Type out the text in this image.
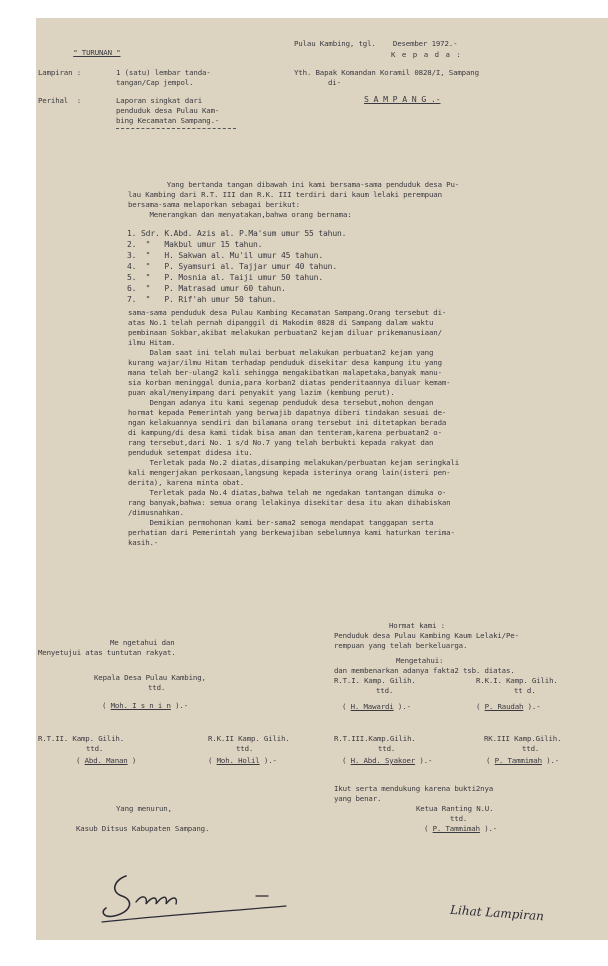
" TURUNAN "

Pulau Kambing, tgl.    Desember 1972.-
K e p a d a :
Lampiran :	1 (satu) lembar tanda-
tangan/Cap jempol.
Yth. Bapak Komandan Koramil 0828/I, Sampang
di-
S A M P A N G .-
Perihal  :	Laporan singkat dari
penduduk desa Pulau Kam-
bing Kecamatan Sampang.-
Yang bertanda tangan dibawah ini kami bersama-sama penduduk desa Pu-
lau Kambing dari R.T. III dan R.K. III terdiri dari kaum lelaki perempuan
bersama-sama melaporkan sebagai berikut:
Menerangkan dan menyatakan,bahwa orang bernama:
1. Sdr. K.Abd. Azis al. P.Ma'sum umur 55 tahun.
2.  "   Makbul umur 15 tahun.
3.  "   H. Sakwan al. Mu'il umur 45 tahun.
4.  "   P. Syamsuri al. Tajjar umur 40 tahun.
5.  "   P. Mosnia al. Taiji umur 50 tahun.
6.  "   P. Matrasad umur 60 tahun.
7.  "   P. Rif'ah umur 50 tahun.
sama-sama penduduk desa Pulau Kambing Kecamatan Sampang.Orang tersebut di-
atas No.1 telah pernah dipanggil di Makodim 0828 di Sampang dalam waktu
pembinaan Sokbar,akibat melakukan perbuatan2 kejam diluar prikemanusiaan/
ilmu Hitam.
Dalam saat ini telah mulai berbuat melakukan perbuatan2 kejam yang
kurang wajar/ilmu Hitam terhadap penduduk disekitar desa kampung itu yang
mana telah ber-ulang2 kali sehingga mengakibatkan malapetaka,banyak manu-
sia korban meninggal dunia,para korban2 diatas penderitaannya diluar kemam-
puan akal/menyimpang dari penyakit yang lazim (kembung perut).
Dengan adanya itu kami segenap penduduk desa tersebut,mohon dengan
hormat kepada Pemerintah yang berwajib dapatnya diberi tindakan sesuai de-
ngan kelakuannya sendiri dan bilamana orang tersebut ini ditetapkan berada
di kampung/di desa kami tidak bisa aman dan tenteram,karena perbuatan2 o-
rang tersebut,dari No. 1 s/d No.7 yang telah berbukti kepada rakyat dan
penduduk setempat didesa itu.
Terletak pada No.2 diatas,disamping melakukan/perbuatan kejam seringkali
kali mengerjakan perkosaan,langsung kepada isterinya orang lain(isteri pen-
derita), karena minta obat.
Terletak pada No.4 diatas,bahwa telah me ngedakan tantangan dimuka o-
rang banyak,bahwa: semua orang lelakinya disekitar desa itu akan dihabiskan
/dimusnahkan.
Demikian permohonan kami ber-sama2 semoga mendapat tanggapan serta
perhatian dari Pemerintah yang berkewajiban sebelumnya kami haturkan terima-
kasih.-
Me ngetahui dan
Menyetujui atas tuntutan rakyat.
Kepala Desa Pulau Kambing,
ttd.
( Moh. I s n i n ).-
R.T.II. Kamp. Gilih.
ttd.
( Abd. Manan )
R.K.II Kamp. Gilih.
ttd.
( Moh. Holil ).-
Yang menurun,
Kasub Ditsus Kabupaten Sampang.
Hormat kami :
Penduduk desa Pulau Kambing Kaum Lelaki/Pe-
rempuan yang telah berkeluarga.
Mengetahui:
dan membenarkan adanya fakta2 tsb. diatas.
R.T.I. Kamp. Gilih.	R.K.I. Kamp. Gilih.
ttd.	tt d.
( H. Mawardi ).-	( P. Raudah ).-
R.T.III.Kamp.Gilih.	RK.III Kamp.Gilih.
ttd.	ttd.
( H. Abd. Syakoer ).-	( P. Tammimah ).-
Ikut serta mendukung karena bukti2nya
yang benar.
Ketua Ranting N.U.
ttd.
( P. Tammimah ).-
Lihat Lampiran
